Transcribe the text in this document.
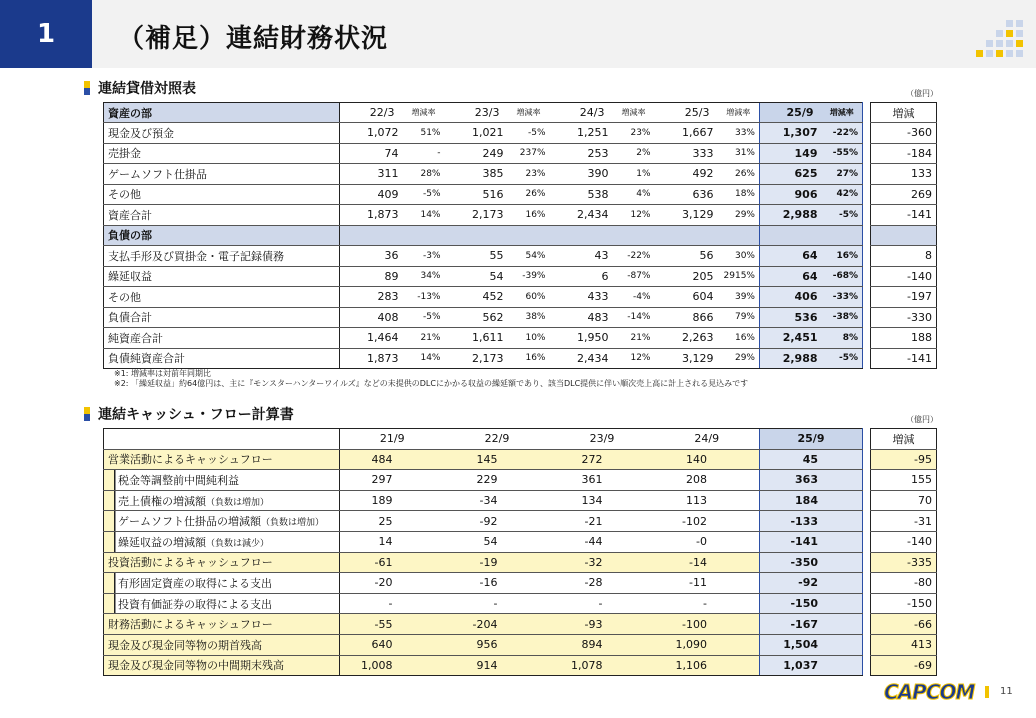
1	（補足）連結財務状況
連結貸借対照表	（億円）
資産の部	22/3	増減率	23/3	増減率	24/3	増減率	25/3	増減率	25/9	増減率		増減
現金及び預金	1,072	51%	1,021	-5%	1,251	23%	1,667	33%	1,307	-22%		-360
売掛金	74	-	249	237%	253	2%	333	31%	149	-55%		-184
ゲームソフト仕掛品	311	28%	385	23%	390	1%	492	26%	625	27%		133
その他	409	-5%	516	26%	538	4%	636	18%	906	42%		269
資産合計	1,873	14%	2,173	16%	2,434	12%	3,129	29%	2,988	-5%		-141
負債の部												
支払手形及び買掛金・電子記録債務	36	-3%	55	54%	43	-22%	56	30%	64	16%		8
繰延収益	89	34%	54	-39%	6	-87%	205	2915%	64	-68%		-140
その他	283	-13%	452	60%	433	-4%	604	39%	406	-33%		-197
負債合計	408	-5%	562	38%	483	-14%	866	79%	536	-38%		-330
純資産合計	1,464	21%	1,611	10%	1,950	21%	2,263	16%	2,451	8%		188
負債純資産合計	1,873	14%	2,173	16%	2,434	12%	3,129	29%	2,988	-5%		-141
※1: 増減率は対前年同期比
※2: 「繰延収益」約64億円は、主に『モンスターハンターワイルズ』などの未提供のDLCにかかる収益の繰延額であり、該当DLC提供に伴い順次売上高に計上される見込みです
連結キャッシュ・フロー計算書	（億円）
	21/9	22/9	23/9	24/9	25/9		増減
営業活動によるキャッシュフロー	484	145	272	140	45		-95
税金等調整前中間純利益	297	229	361	208	363		155
売上債権の増減額（負数は増加）	189	-34	134	113	184		70
ゲームソフト仕掛品の増減額（負数は増加）	25	-92	-21	-102	-133		-31
繰延収益の増減額（負数は減少）	14	54	-44	-0	-141		-140
投資活動によるキャッシュフロー	-61	-19	-32	-14	-350		-335
有形固定資産の取得による支出	-20	-16	-28	-11	-92		-80
投資有価証券の取得による支出	-	-	-	-	-150		-150
財務活動によるキャッシュフロー	-55	-204	-93	-100	-167		-66
現金及び現金同等物の期首残高	640	956	894	1,090	1,504		413
現金及び現金同等物の中間期末残高	1,008	914	1,078	1,106	1,037		-69
CAPCOM	11
